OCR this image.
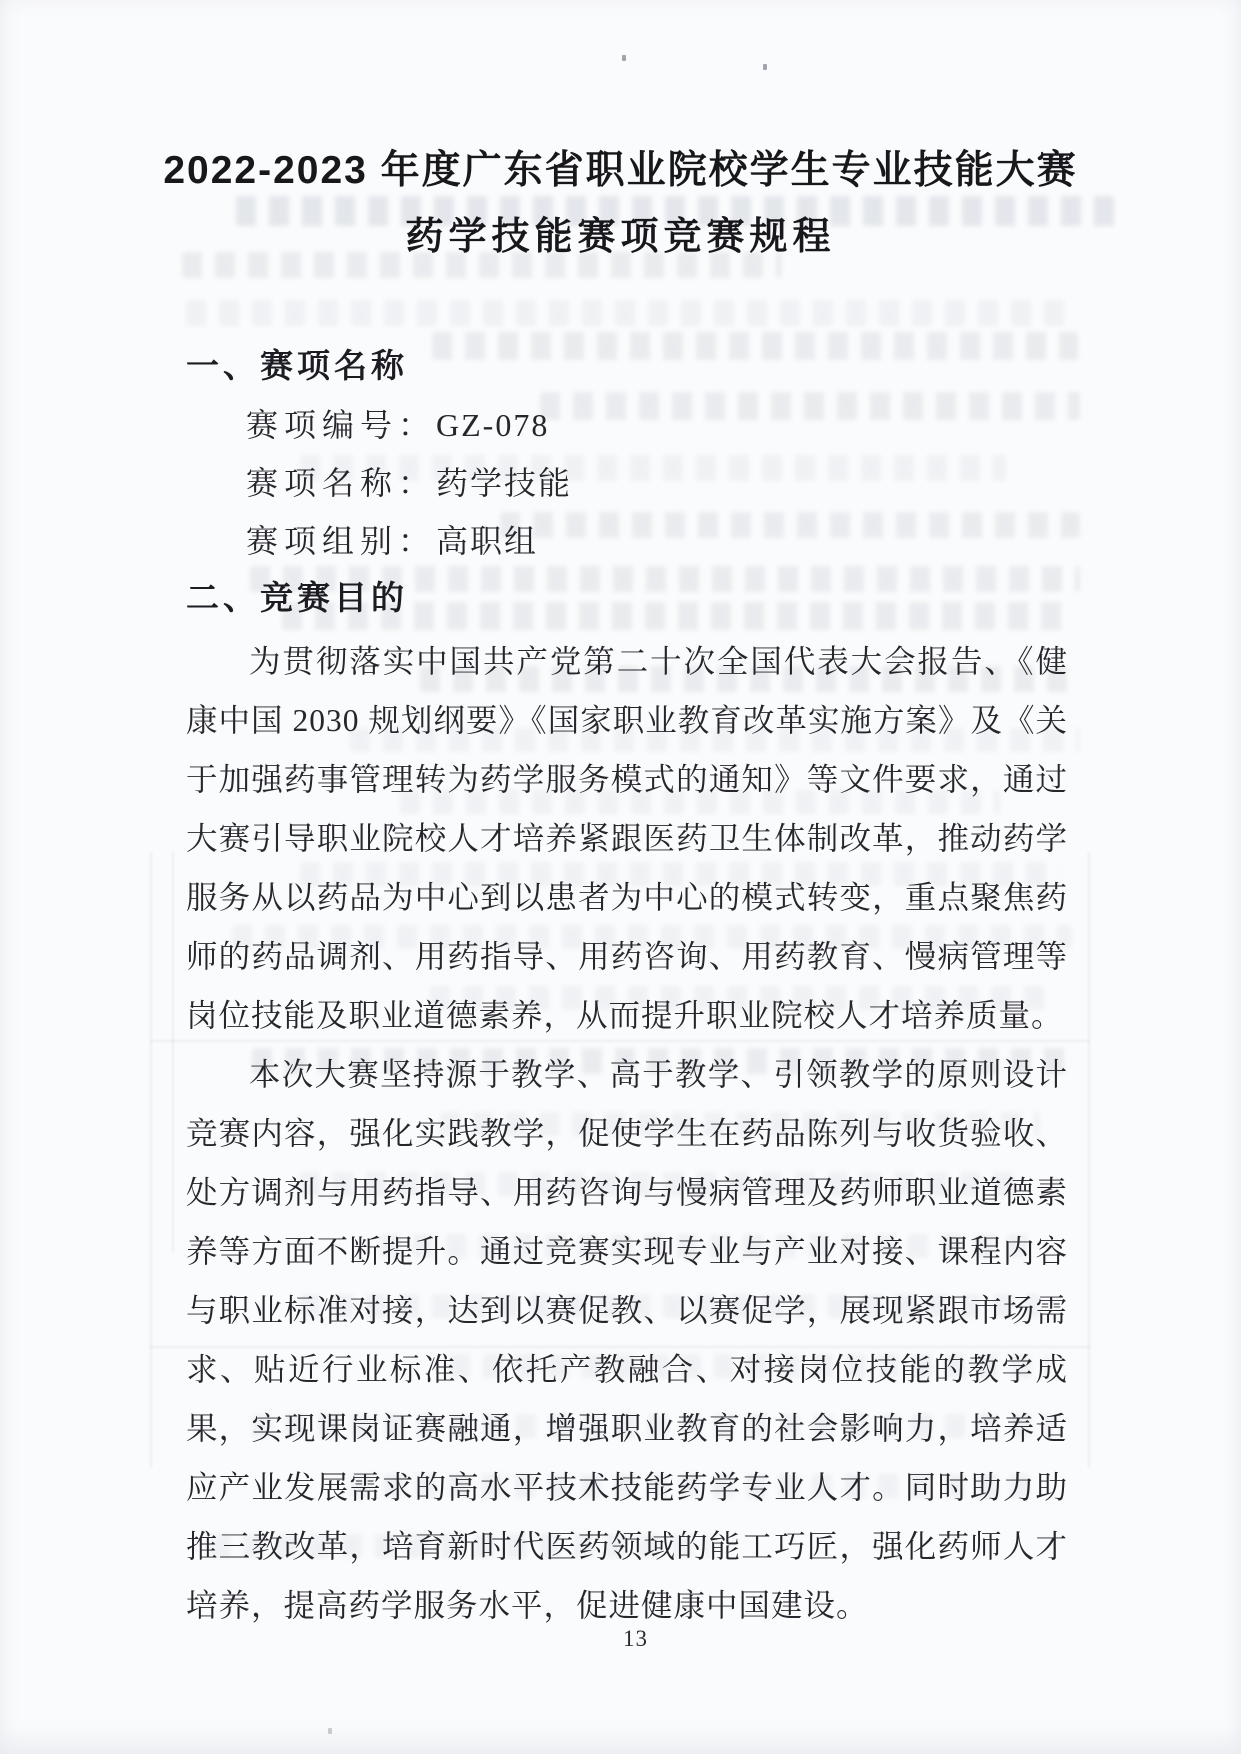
2022-2023 年度广东省职业院校学生专业技能大赛
药学技能赛项竞赛规程
一、赛项名称
赛项编号：GZ-078
赛项名称：药学技能
赛项组别：高职组
二、竞赛目的

为贯彻落实中国共产党第二十次全国代表大会报告、《健康中国 2030 规划纲要》《国家职业教育改革实施方案》及《关于加强药事管理转为药学服务模式的通知》等文件要求，通过大赛引导职业院校人才培养紧跟医药卫生体制改革，推动药学服务从以药品为中心到以患者为中心的模式转变，重点聚焦药师的药品调剂、用药指导、用药咨询、用药教育、慢病管理等岗位技能及职业道德素养，从而提升职业院校人才培养质量。

本次大赛坚持源于教学、高于教学、引领教学的原则设计竞赛内容，强化实践教学，促使学生在药品陈列与收货验收、处方调剂与用药指导、用药咨询与慢病管理及药师职业道德素养等方面不断提升。通过竞赛实现专业与产业对接、课程内容与职业标准对接，达到以赛促教、以赛促学，展现紧跟市场需求、贴近行业标准、依托产教融合、对接岗位技能的教学成果，实现课岗证赛融通，增强职业教育的社会影响力，培养适应产业发展需求的高水平技术技能药学专业人才。同时助力助推三教改革，培育新时代医药领域的能工巧匠，强化药师人才培养，提高药学服务水平，促进健康中国建设。

13
